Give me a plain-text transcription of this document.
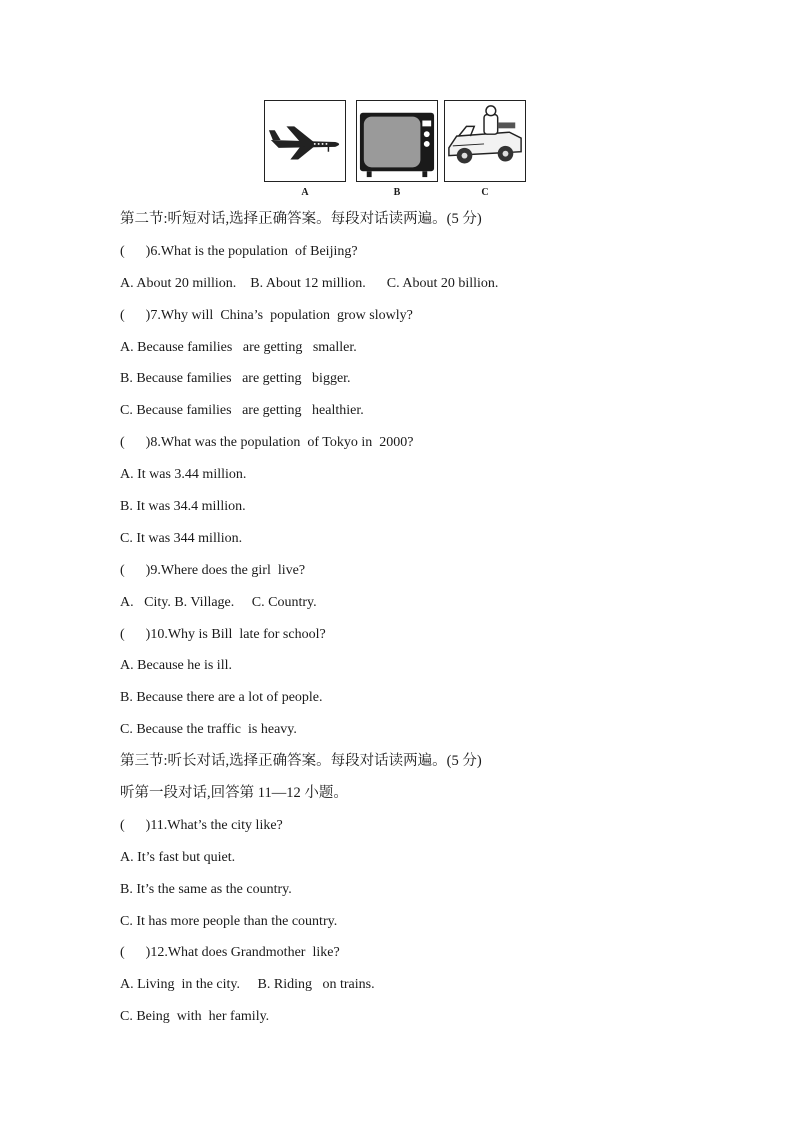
A	B	C
第二节:听短对话,选择正确答案。每段对话读两遍。(5 分)
(      )6.What is the population  of Beijing?
A. About 20 million.    B. About 12 million.      C. About 20 billion.
(      )7.Why will  China’s  population  grow slowly?
A. Because families   are getting   smaller.
B. Because families   are getting   bigger.
C. Because families   are getting   healthier.
(      )8.What was the population  of Tokyo in  2000?
A. It was 3.44 million.
B. It was 34.4 million.
C. It was 344 million.
(      )9.Where does the girl  live?
A.   City. B. Village.     C. Country.
(      )10.Why is Bill  late for school?
A. Because he is ill.
B. Because there are a lot of people.
C. Because the traffic  is heavy.
第三节:听长对话,选择正确答案。每段对话读两遍。(5 分)
听第一段对话,回答第 11—12 小题。
(      )11.What’s the city like?
A. It’s fast but quiet.
B. It’s the same as the country.
C. It has more people than the country.
(      )12.What does Grandmother  like?
A. Living  in the city.     B. Riding   on trains.
C. Being  with  her family.
